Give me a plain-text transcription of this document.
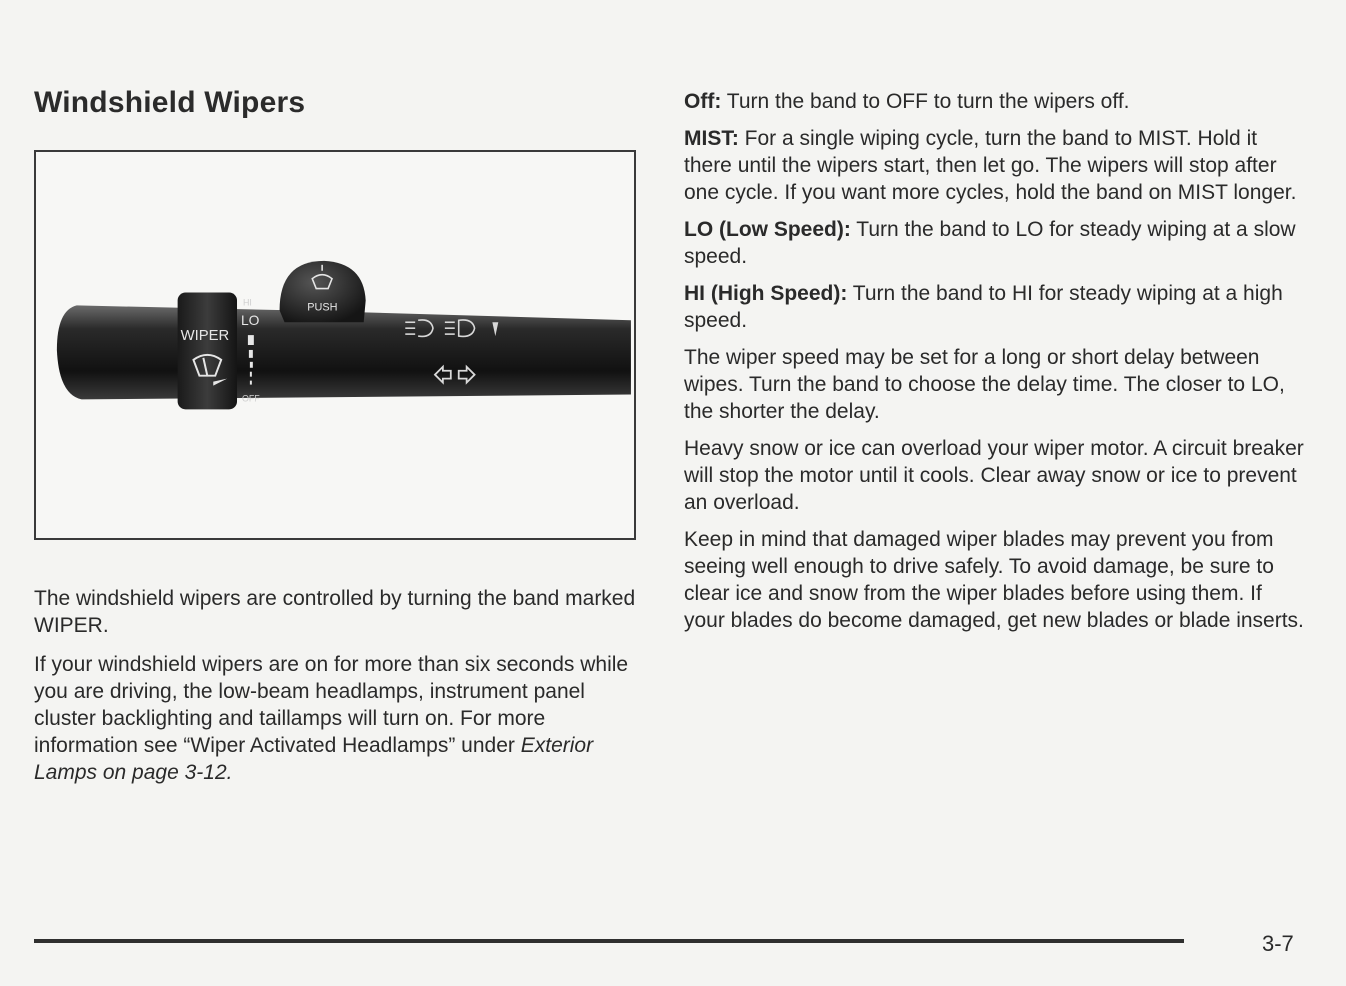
Windshield Wipers
WIPER
HI
LO
OFF
PUSH

The windshield wipers are controlled by turning the band marked WIPER.

If your windshield wipers are on for more than six seconds while you are driving, the low-beam headlamps, instrument panel cluster backlighting and taillamps will turn on. For more information see “Wiper Activated Headlamps” under Exterior Lamps on page 3-12.

Off: Turn the band to OFF to turn the wipers off.

MIST: For a single wiping cycle, turn the band to MIST. Hold it there until the wipers start, then let go. The wipers will stop after one cycle. If you want more cycles, hold the band on MIST longer.

LO (Low Speed): Turn the band to LO for steady wiping at a slow speed.

HI (High Speed): Turn the band to HI for steady wiping at a high speed.

The wiper speed may be set for a long or short delay between wipes. Turn the band to choose the delay time. The closer to LO, the shorter the delay.

Heavy snow or ice can overload your wiper motor. A circuit breaker will stop the motor until it cools. Clear away snow or ice to prevent an overload.

Keep in mind that damaged wiper blades may prevent you from seeing well enough to drive safely. To avoid damage, be sure to clear ice and snow from the wiper blades before using them. If your blades do become damaged, get new blades or blade inserts.

3-7
